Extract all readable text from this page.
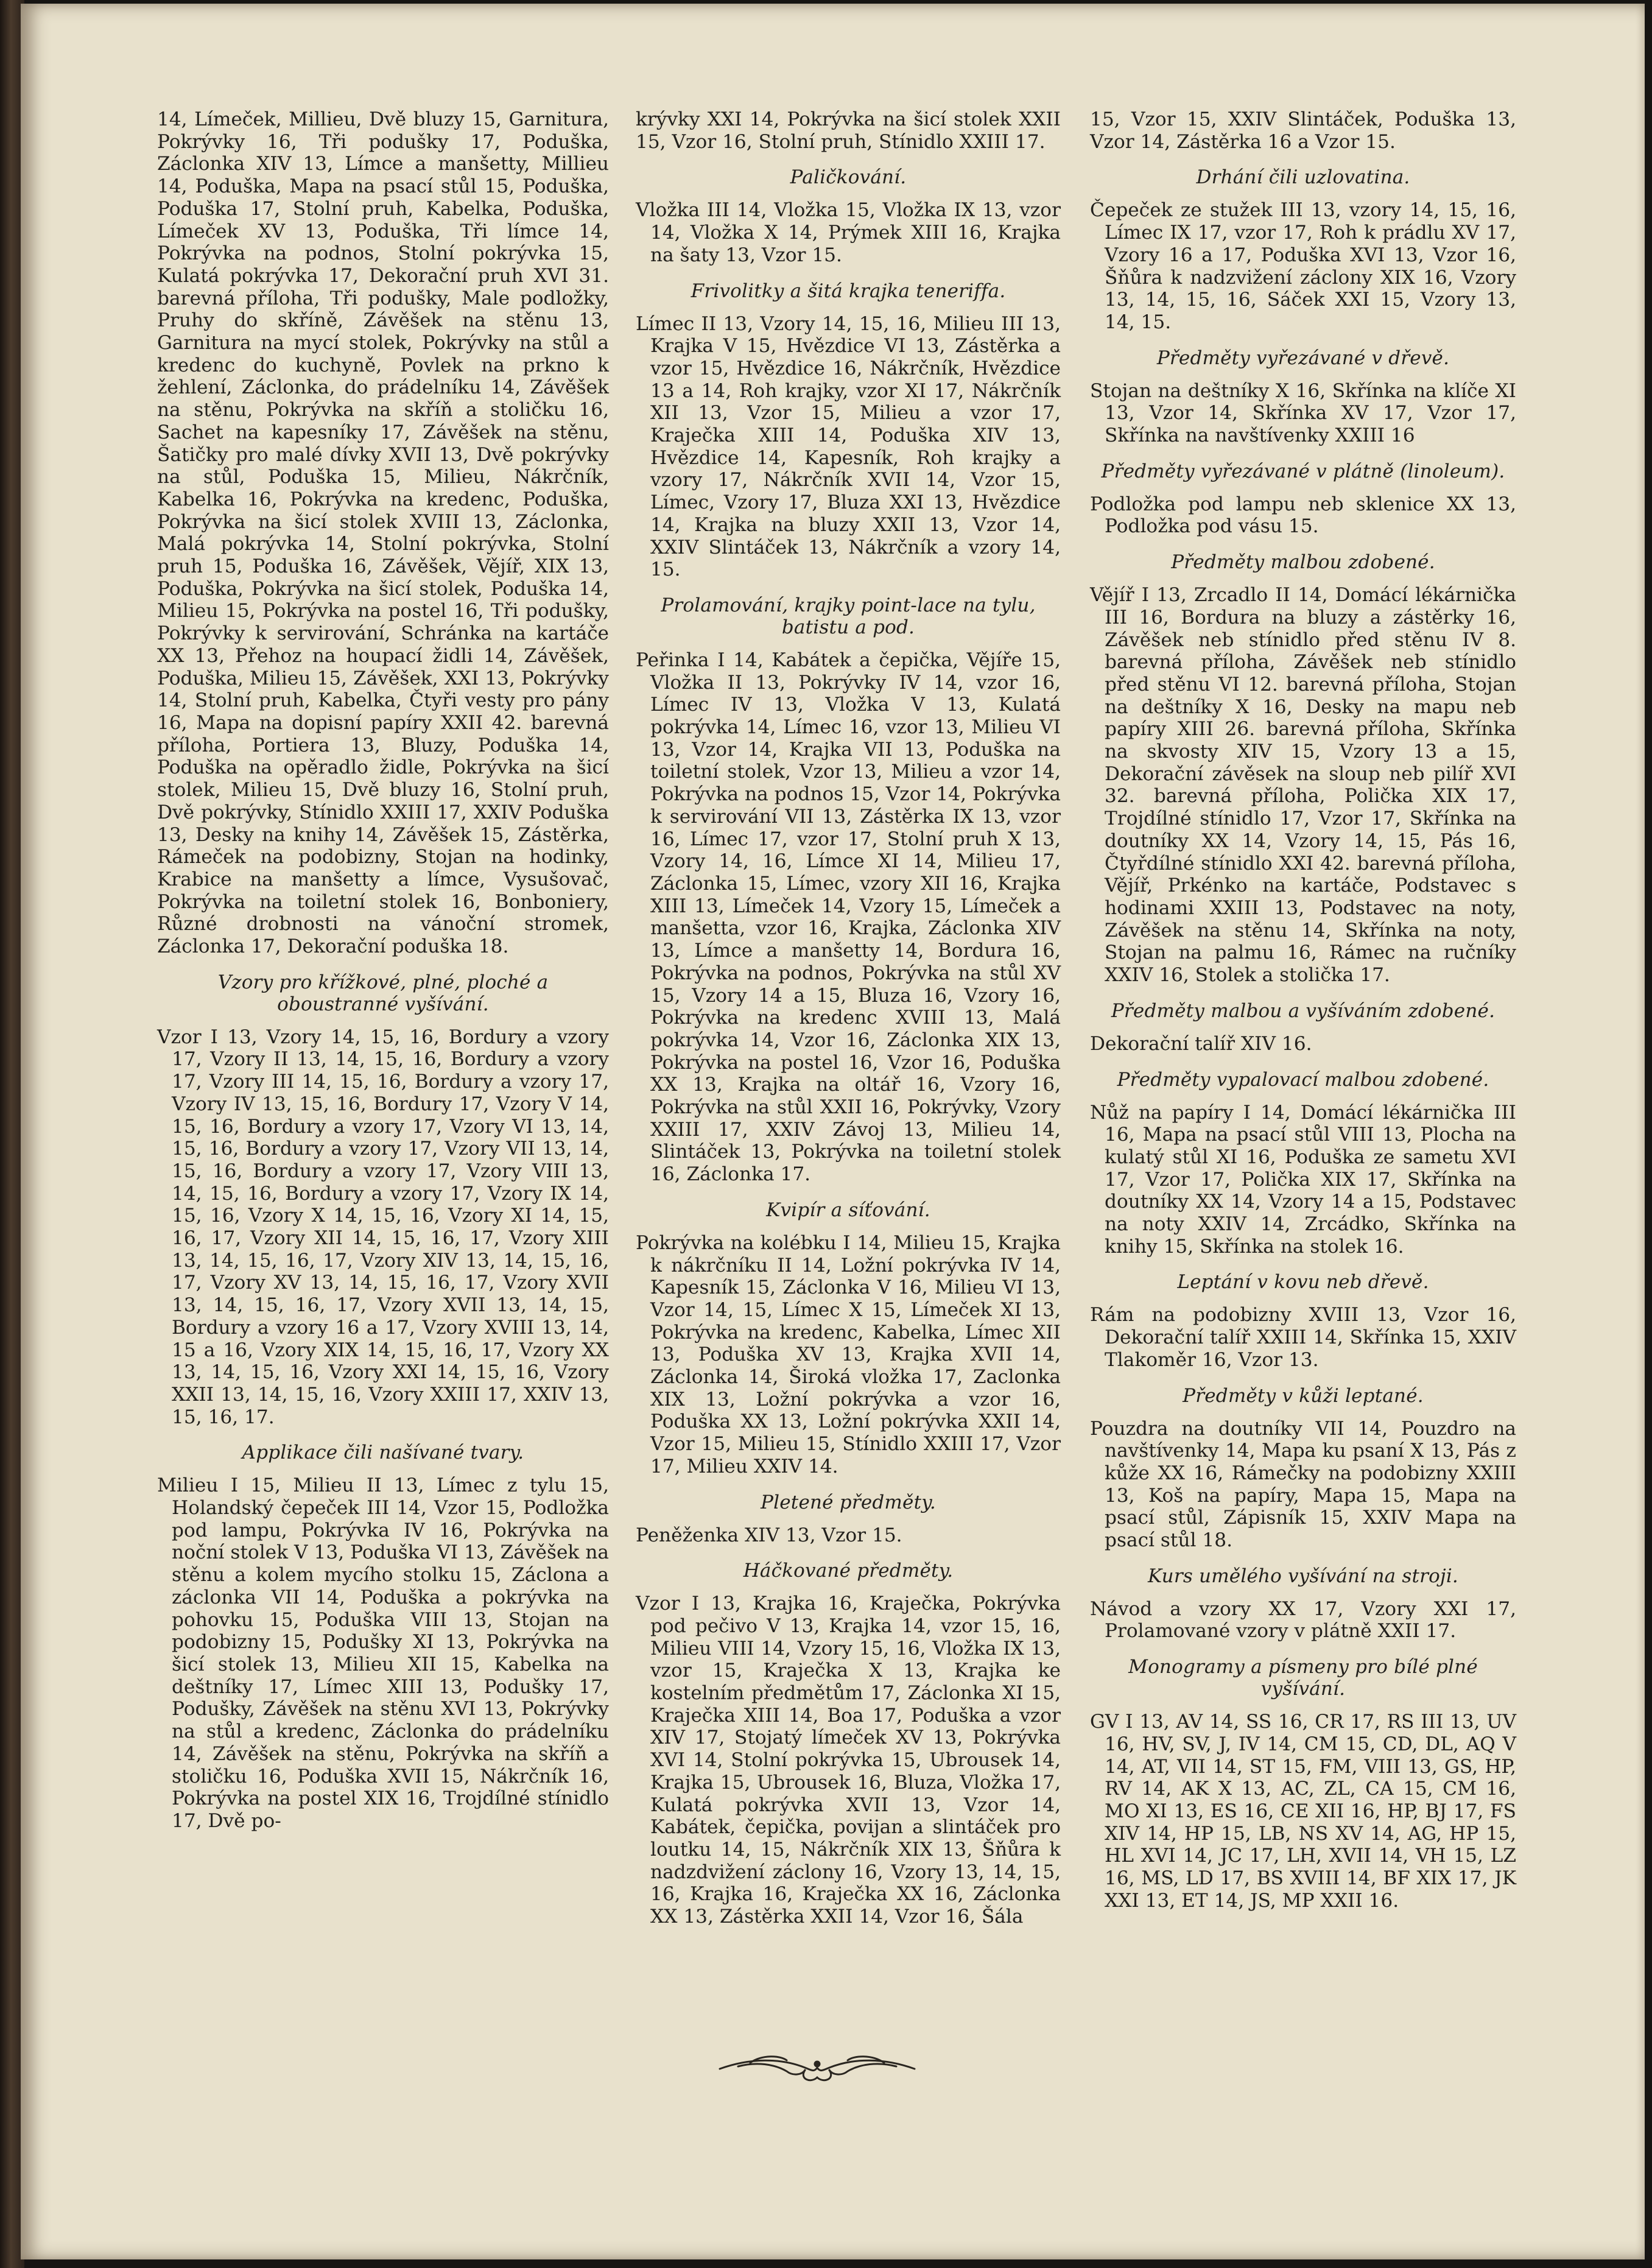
14, Límeček, Millieu, Dvě bluzy 15, Garnitura, Pokrývky 16, Tři podušky 17, Poduška, Záclonka XIV 13, Límce a manšetty, Millieu 14, Poduška, Mapa na psací stůl 15, Poduška, Poduška 17, Stolní pruh, Kabelka, Poduška, Límeček XV 13, Poduška, Tři límce 14, Pokrývka na podnos, Stolní pokrývka 15, Kulatá pokrývka 17, Dekorační pruh XVI 31. barevná příloha, Tři podušky, Male podložky, Pruhy do skříně, Závěšek na stěnu 13, Garnitura na mycí stolek, Pokrývky na stůl a kredenc do kuchyně, Povlek na prkno k žehlení, Záclonka, do prádelníku 14, Závěšek na stěnu, Pokrývka na skříň a stoličku 16, Sachet na kapesníky 17, Závěšek na stěnu, Šatičky pro malé dívky XVII 13, Dvě pokrývky na stůl, Poduška 15, Milieu, Nákrčník, Kabelka 16, Pokrývka na kredenc, Poduška, Pokrývka na šicí stolek XVIII 13, Záclonka, Malá pokrývka 14, Stolní pokrývka, Stolní pruh 15, Poduška 16, Závěšek, Vějíř, XIX 13, Poduška, Pokrývka na šicí stolek, Poduška 14, Milieu 15, Pokrývka na postel 16, Tři podušky, Pokrývky k servirování, Schránka na kartáče XX 13, Přehoz na houpací židli 14, Závěšek, Poduška, Milieu 15, Závěšek, XXI 13, Pokrývky 14, Stolní pruh, Kabelka, Čtyři vesty pro pány 16, Mapa na dopisní papíry XXII 42. barevná příloha, Portiera 13, Bluzy, Poduška 14, Poduška na opěradlo židle, Pokrývka na šicí stolek, Milieu 15, Dvě bluzy 16, Stolní pruh, Dvě pokrývky, Stínidlo XXIII 17, XXIV Poduška 13, Desky na knihy 14, Závěšek 15, Zástěrka, Rámeček na podobizny, Stojan na hodinky, Krabice na manšetty a límce, Vysušovač, Pokrývka na toiletní stolek 16, Bonboniery, Různé drobnosti na vánoční stromek, Záclonka 17, Dekorační poduška 18.

Vzory pro křížkové, plné, ploché a oboustranné vyšívání.

Vzor I 13, Vzory 14, 15, 16, Bordury a vzory 17, Vzory II 13, 14, 15, 16, Bordury a vzory 17, Vzory III 14, 15, 16, Bordury a vzory 17, Vzory IV 13, 15, 16, Bordury 17, Vzory V 14, 15, 16, Bordury a vzory 17, Vzory VI 13, 14, 15, 16, Bordury a vzory 17, Vzory VII 13, 14, 15, 16, Bordury a vzory 17, Vzory VIII 13, 14, 15, 16, Bordury a vzory 17, Vzory IX 14, 15, 16, Vzory X 14, 15, 16, Vzory XI 14, 15, 16, 17, Vzory XII 14, 15, 16, 17, Vzory XIII 13, 14, 15, 16, 17, Vzory XIV 13, 14, 15, 16, 17, Vzory XV 13, 14, 15, 16, 17, Vzory XVII 13, 14, 15, 16, 17, Vzory XVII 13, 14, 15, Bordury a vzory 16 a 17, Vzory XVIII 13, 14, 15 a 16, Vzory XIX 14, 15, 16, 17, Vzory XX 13, 14, 15, 16, Vzory XXI 14, 15, 16, Vzory XXII 13, 14, 15, 16, Vzory XXIII 17, XXIV 13, 15, 16, 17.

Applikace čili našívané tvary.

Milieu I 15, Milieu II 13, Límec z tylu 15, Holandský čepeček III 14, Vzor 15, Podložka pod lampu, Pokrývka IV 16, Pokrývka na noční stolek V 13, Poduška VI 13, Závěšek na stěnu a kolem mycího stolku 15, Záclona a záclonka VII 14, Poduška a pokrývka na pohovku 15, Poduška VIII 13, Stojan na podobizny 15, Podušky XI 13, Pokrývka na šicí stolek 13, Milieu XII 15, Kabelka na deštníky 17, Límec XIII 13, Podušky 17, Podušky, Závěšek na stěnu XVI 13, Pokrývky na stůl a kredenc, Záclonka do prádelníku 14, Závěšek na stěnu, Pokrývka na skříň a stoličku 16, Poduška XVII 15, Nákrčník 16, Pokrývka na postel XIX 16, Trojdílné stínidlo 17, Dvě po-

krývky XXI 14, Pokrývka na šicí stolek XXII 15, Vzor 16, Stolní pruh, Stínidlo XXIII 17.

Paličkování.

Vložka III 14, Vložka 15, Vložka IX 13, vzor 14, Vložka X 14, Prýmek XIII 16, Krajka na šaty 13, Vzor 15.

Frivolitky a šitá krajka teneriffa.

Límec II 13, Vzory 14, 15, 16, Milieu III 13, Krajka V 15, Hvězdice VI 13, Zástěrka a vzor 15, Hvězdice 16, Nákrčník, Hvězdice 13 a 14, Roh krajky, vzor XI 17, Nákrčník XII 13, Vzor 15, Milieu a vzor 17, Kraječka XIII 14, Poduška XIV 13, Hvězdice 14, Kapesník, Roh krajky a vzory 17, Nákrčník XVII 14, Vzor 15, Límec, Vzory 17, Bluza XXI 13, Hvězdice 14, Krajka na bluzy XXII 13, Vzor 14, XXIV Slintáček 13, Nákrčník a vzory 14, 15.

Prolamování, krajky point-lace na tylu, batistu a pod.

Peřinka I 14, Kabátek a čepička, Vějíře 15, Vložka II 13, Pokrývky IV 14, vzor 16, Límec IV 13, Vložka V 13, Kulatá pokrývka 14, Límec 16, vzor 13, Milieu VI 13, Vzor 14, Krajka VII 13, Poduška na toiletní stolek, Vzor 13, Milieu a vzor 14, Pokrývka na podnos 15, Vzor 14, Pokrývka k servirování VII 13, Zástěrka IX 13, vzor 16, Límec 17, vzor 17, Stolní pruh X 13, Vzory 14, 16, Límce XI 14, Milieu 17, Záclonka 15, Límec, vzory XII 16, Krajka XIII 13, Límeček 14, Vzory 15, Límeček a manšetta, vzor 16, Krajka, Záclonka XIV 13, Límce a manšetty 14, Bordura 16, Pokrývka na podnos, Pokrývka na stůl XV 15, Vzory 14 a 15, Bluza 16, Vzory 16, Pokrývka na kredenc XVIII 13, Malá pokrývka 14, Vzor 16, Záclonka XIX 13, Pokrývka na postel 16, Vzor 16, Poduška XX 13, Krajka na oltář 16, Vzory 16, Pokrývka na stůl XXII 16, Pokrývky, Vzory XXIII 17, XXIV Závoj 13, Milieu 14, Slintáček 13, Pokrývka na toiletní stolek 16, Záclonka 17.

Kvipír a síťování.

Pokrývka na kolébku I 14, Milieu 15, Krajka k nákrčníku II 14, Ložní pokrývka IV 14, Kapesník 15, Záclonka V 16, Milieu VI 13, Vzor 14, 15, Límec X 15, Límeček XI 13, Pokrývka na kredenc, Kabelka, Límec XII 13, Poduška XV 13, Krajka XVII 14, Záclonka 14, Široká vložka 17, Zaclonka XIX 13, Ložní pokrývka a vzor 16, Poduška XX 13, Ložní pokrývka XXII 14, Vzor 15, Milieu 15, Stínidlo XXIII 17, Vzor 17, Milieu XXIV 14.

Pletené předměty.

Peněženka XIV 13, Vzor 15.

Háčkované předměty.

Vzor I 13, Krajka 16, Kraječka, Pokrývka pod pečivo V 13, Krajka 14, vzor 15, 16, Milieu VIII 14, Vzory 15, 16, Vložka IX 13, vzor 15, Kraječka X 13, Krajka ke kostelním předmětům 17, Záclonka XI 15, Kraječka XIII 14, Boa 17, Poduška a vzor XIV 17, Stojatý límeček XV 13, Pokrývka XVI 14, Stolní pokrývka 15, Ubrousek 14, Krajka 15, Ubrousek 16, Bluza, Vložka 17, Kulatá pokrývka XVII 13, Vzor 14, Kabátek, čepička, povijan a slintáček pro loutku 14, 15, Nákrčník XIX 13, Šňůra k nadzdvižení záclony 16, Vzory 13, 14, 15, 16, Krajka 16, Kraječka XX 16, Záclonka XX 13, Zástěrka XXII 14, Vzor 16, Šála

15, Vzor 15, XXIV Slintáček, Poduška 13, Vzor 14, Zástěrka 16 a Vzor 15.

Drhání čili uzlovatina.

Čepeček ze stužek III 13, vzory 14, 15, 16, Límec IX 17, vzor 17, Roh k prádlu XV 17, Vzory 16 a 17, Poduška XVI 13, Vzor 16, Šňůra k nadzvižení záclony XIX 16, Vzory 13, 14, 15, 16, Sáček XXI 15, Vzory 13, 14, 15.

Předměty vyřezávané v dřevě.

Stojan na deštníky X 16, Skřínka na klíče XI 13, Vzor 14, Skřínka XV 17, Vzor 17, Skřínka na navštívenky XXIII 16

Předměty vyřezávané v plátně (linoleum).

Podložka pod lampu neb sklenice XX 13, Podložka pod vásu 15.

Předměty malbou zdobené.

Vějíř I 13, Zrcadlo II 14, Domácí lékárnička III 16, Bordura na bluzy a zástěrky 16, Závěšek neb stínidlo před stěnu IV 8. barevná příloha, Závěšek neb stínidlo před stěnu VI 12. barevná příloha, Stojan na deštníky X 16, Desky na mapu neb papíry XIII 26. barevná příloha, Skřínka na skvosty XIV 15, Vzory 13 a 15, Dekorační závěsek na sloup neb pilíř XVI 32. barevná příloha, Polička XIX 17, Trojdílné stínidlo 17, Vzor 17, Skřínka na doutníky XX 14, Vzory 14, 15, Pás 16, Čtyřdílné stínidlo XXI 42. barevná příloha, Vějíř, Prkénko na kartáče, Podstavec s hodinami XXIII 13, Podstavec na noty, Závěšek na stěnu 14, Skřínka na noty, Stojan na palmu 16, Rámec na ručníky XXIV 16, Stolek a stolička 17.

Předměty malbou a vyšíváním zdobené.

Dekorační talíř XIV 16.

Předměty vypalovací malbou zdobené.

Nůž na papíry I 14, Domácí lékárnička III 16, Mapa na psací stůl VIII 13, Plocha na kulatý stůl XI 16, Poduška ze sametu XVI 17, Vzor 17, Polička XIX 17, Skřínka na doutníky XX 14, Vzory 14 a 15, Podstavec na noty XXIV 14, Zrcádko, Skřínka na knihy 15, Skřínka na stolek 16.

Leptání v kovu neb dřevě.

Rám na podobizny XVIII 13, Vzor 16, Dekorační talíř XXIII 14, Skřínka 15, XXIV Tlakoměr 16, Vzor 13.

Předměty v kůži leptané.

Pouzdra na doutníky VII 14, Pouzdro na navštívenky 14, Mapa ku psaní X 13, Pás z kůže XX 16, Rámečky na podobizny XXIII 13, Koš na papíry, Mapa 15, Mapa na psací stůl, Zápisník 15, XXIV Mapa na psací stůl 18.

Kurs umělého vyšívání na stroji.

Návod a vzory XX 17, Vzory XXI 17, Prolamované vzory v plátně XXII 17.

Monogramy a písmeny pro bílé plné vyšívání.

GV I 13, AV 14, SS 16, CR 17, RS III 13, UV 16, HV, SV, J, IV 14, CM 15, CD, DL, AQ V 14, AT, VII 14, ST 15, FM, VIII 13, GS, HP, RV 14, AK X 13, AC, ZL, CA 15, CM 16, MO XI 13, ES 16, CE XII 16, HP, BJ 17, FS XIV 14, HP 15, LB, NS XV 14, AG, HP 15, HL XVI 14, JC 17, LH, XVII 14, VH 15, LZ 16, MS, LD 17, BS XVIII 14, BF XIX 17, JK XXI 13, ET 14, JS, MP XXII 16.
